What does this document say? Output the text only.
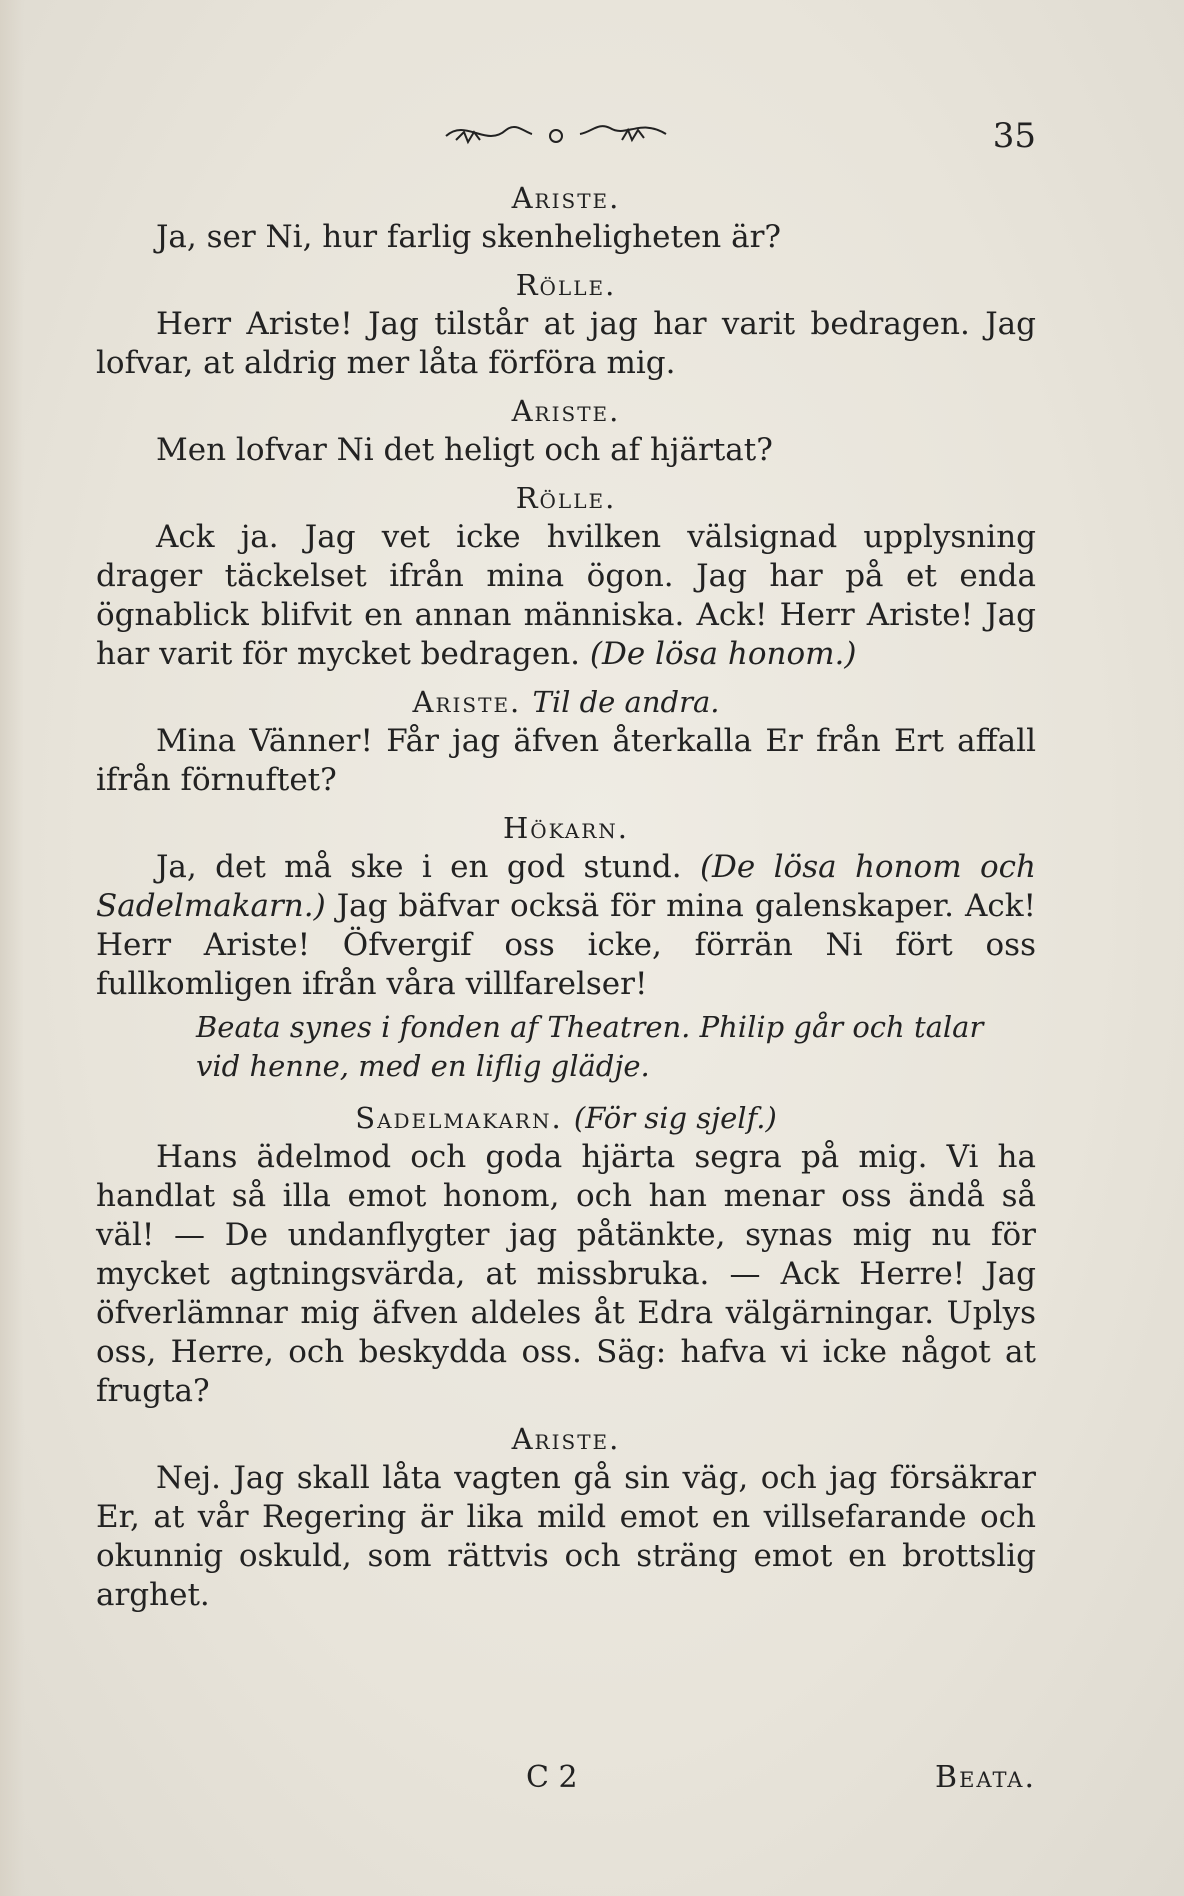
35

Ariste.

Ja, ser Ni, hur farlig skenheligheten är?

Rölle.

Herr Ariste! Jag tilstår at jag har varit bedragen. Jag lofvar, at aldrig mer låta förföra mig.

Ariste.

Men lofvar Ni det heligt och af hjärtat?

Rölle.

Ack ja. Jag vet icke hvilken välsignad upplysning drager täckelset ifrån mina ögon. Jag har på et enda ögnablick blifvit en annan människa. Ack! Herr Ariste! Jag har varit för mycket bedragen. (De lösa honom.)

Ariste. Til de andra.

Mina Vänner! Får jag äfven återkalla Er från Ert affall ifrån förnuftet?

Hökarn.

Ja, det må ske i en god stund. (De lösa honom och Sadelmakarn.) Jag bäfvar ocksä för mina galenskaper. Ack! Herr Ariste! Öfvergif oss icke, förrän Ni fört oss fullkomligen ifrån våra villfarelser!

Beata synes i fonden af Theatren. Philip går och talar vid henne, med en liflig glädje.

Sadelmakarn. (För sig sjelf.)

Hans ädelmod och goda hjärta segra på mig. Vi ha handlat så illa emot honom, och han menar oss ändå så väl! — De undanflygter jag påtänkte, synas mig nu för mycket agtningsvärda, at missbruka. — Ack Herre! Jag öfverlämnar mig äfven aldeles åt Edra välgärningar. Uplys oss, Herre, och beskydda oss. Säg: hafva vi icke något at frugta?

Ariste.

Nej. Jag skall låta vagten gå sin väg, och jag försäkrar Er, at vår Regering är lika mild emot en villsefarande och okunnig oskuld, som rättvis och sträng emot en brottslig arghet.

C 2	Beata.
